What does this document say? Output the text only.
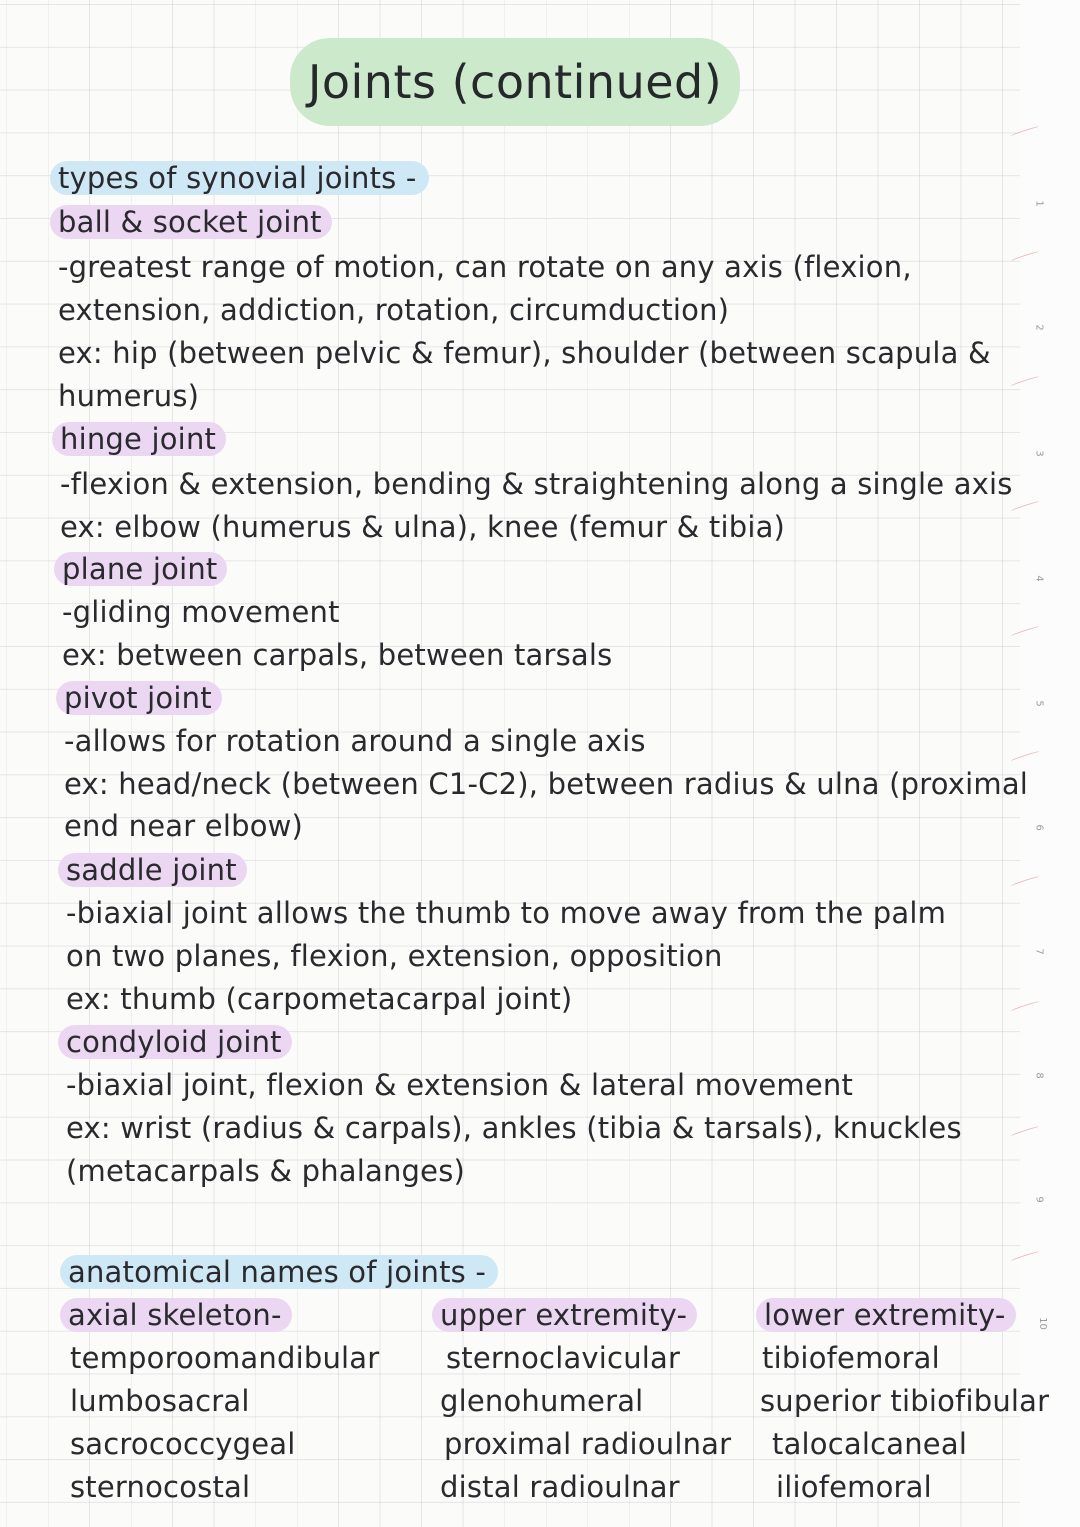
1
2
3
4
5
6
7
8
9
10
Joints (continued)
types of synovial joints -
ball & socket joint
-greatest range of motion, can rotate on any axis (flexion,
extension, addiction, rotation, circumduction)
ex: hip (between pelvic & femur), shoulder (between scapula &
humerus)
hinge joint
-flexion & extension, bending & straightening along a single axis
ex: elbow (humerus & ulna), knee (femur & tibia)
plane joint
-gliding movement
ex: between carpals, between tarsals
pivot joint
-allows for rotation around a single axis
ex: head/neck (between C1-C2), between radius & ulna (proximal
end near elbow)
saddle joint
-biaxial joint allows the thumb to move away from the palm
on two planes, flexion, extension, opposition
ex: thumb (carpometacarpal joint)
condyloid joint
-biaxial joint, flexion & extension & lateral movement
ex: wrist (radius & carpals), ankles (tibia & tarsals), knuckles
(metacarpals & phalanges)
anatomical names of joints -
axial skeleton-
temporoomandibular
lumbosacral
sacrococcygeal
sternocostal
upper extremity-
sternoclavicular
glenohumeral
proximal radioulnar
distal radioulnar
lower extremity-
tibiofemoral
superior tibiofibular
talocalcaneal
iliofemoral
